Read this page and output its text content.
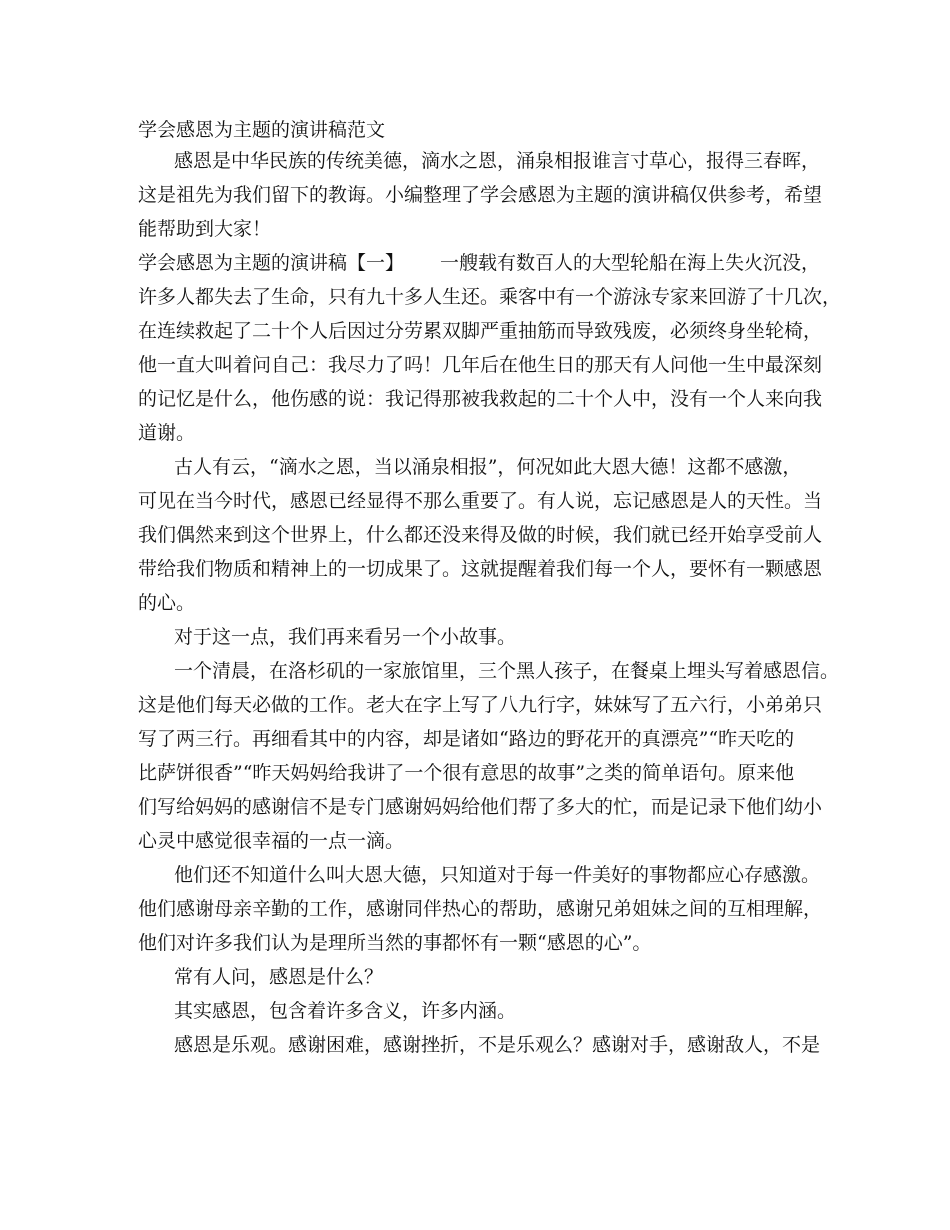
学会感恩为主题的演讲稿范文
感恩是中华民族的传统美德，滴水之恩，涌泉相报谁言寸草心，报得三春晖，
这是祖先为我们留下的教诲。小编整理了学会感恩为主题的演讲稿仅供参考，希望
能帮助到大家！
学会感恩为主题的演讲稿【一】 一艘载有数百人的大型轮船在海上失火沉没，
许多人都失去了生命，只有九十多人生还。乘客中有一个游泳专家来回游了十几次，
在连续救起了二十个人后因过分劳累双脚严重抽筋而导致残废，必须终身坐轮椅，
他一直大叫着问自己：我尽力了吗！几年后在他生日的那天有人问他一生中最深刻
的记忆是什么，他伤感的说：我记得那被我救起的二十个人中，没有一个人来向我
道谢。
古人有云，“滴水之恩，当以涌泉相报”，何况如此大恩大德！这都不感激，
可见在当今时代，感恩已经显得不那么重要了。有人说，忘记感恩是人的天性。当
我们偶然来到这个世界上，什么都还没来得及做的时候，我们就已经开始享受前人
带给我们物质和精神上的一切成果了。这就提醒着我们每一个人，要怀有一颗感恩
的心。
对于这一点，我们再来看另一个小故事。
一个清晨，在洛杉矶的一家旅馆里，三个黑人孩子，在餐桌上埋头写着感恩信。
这是他们每天必做的工作。老大在字上写了八九行字，妹妹写了五六行，小弟弟只
写了两三行。再细看其中的内容，却是诸如“路边的野花开的真漂亮”“昨天吃的
比萨饼很香”“昨天妈妈给我讲了一个很有意思的故事”之类的简单语句。原来他
们写给妈妈的感谢信不是专门感谢妈妈给他们帮了多大的忙，而是记录下他们幼小
心灵中感觉很幸福的一点一滴。
他们还不知道什么叫大恩大德，只知道对于每一件美好的事物都应心存感激。
他们感谢母亲辛勤的工作，感谢同伴热心的帮助，感谢兄弟姐妹之间的互相理解，
他们对许多我们认为是理所当然的事都怀有一颗“感恩的心”。
常有人问，感恩是什么？
其实感恩，包含着许多含义，许多内涵。
感恩是乐观。感谢困难，感谢挫折，不是乐观么？感谢对手，感谢敌人，不是
